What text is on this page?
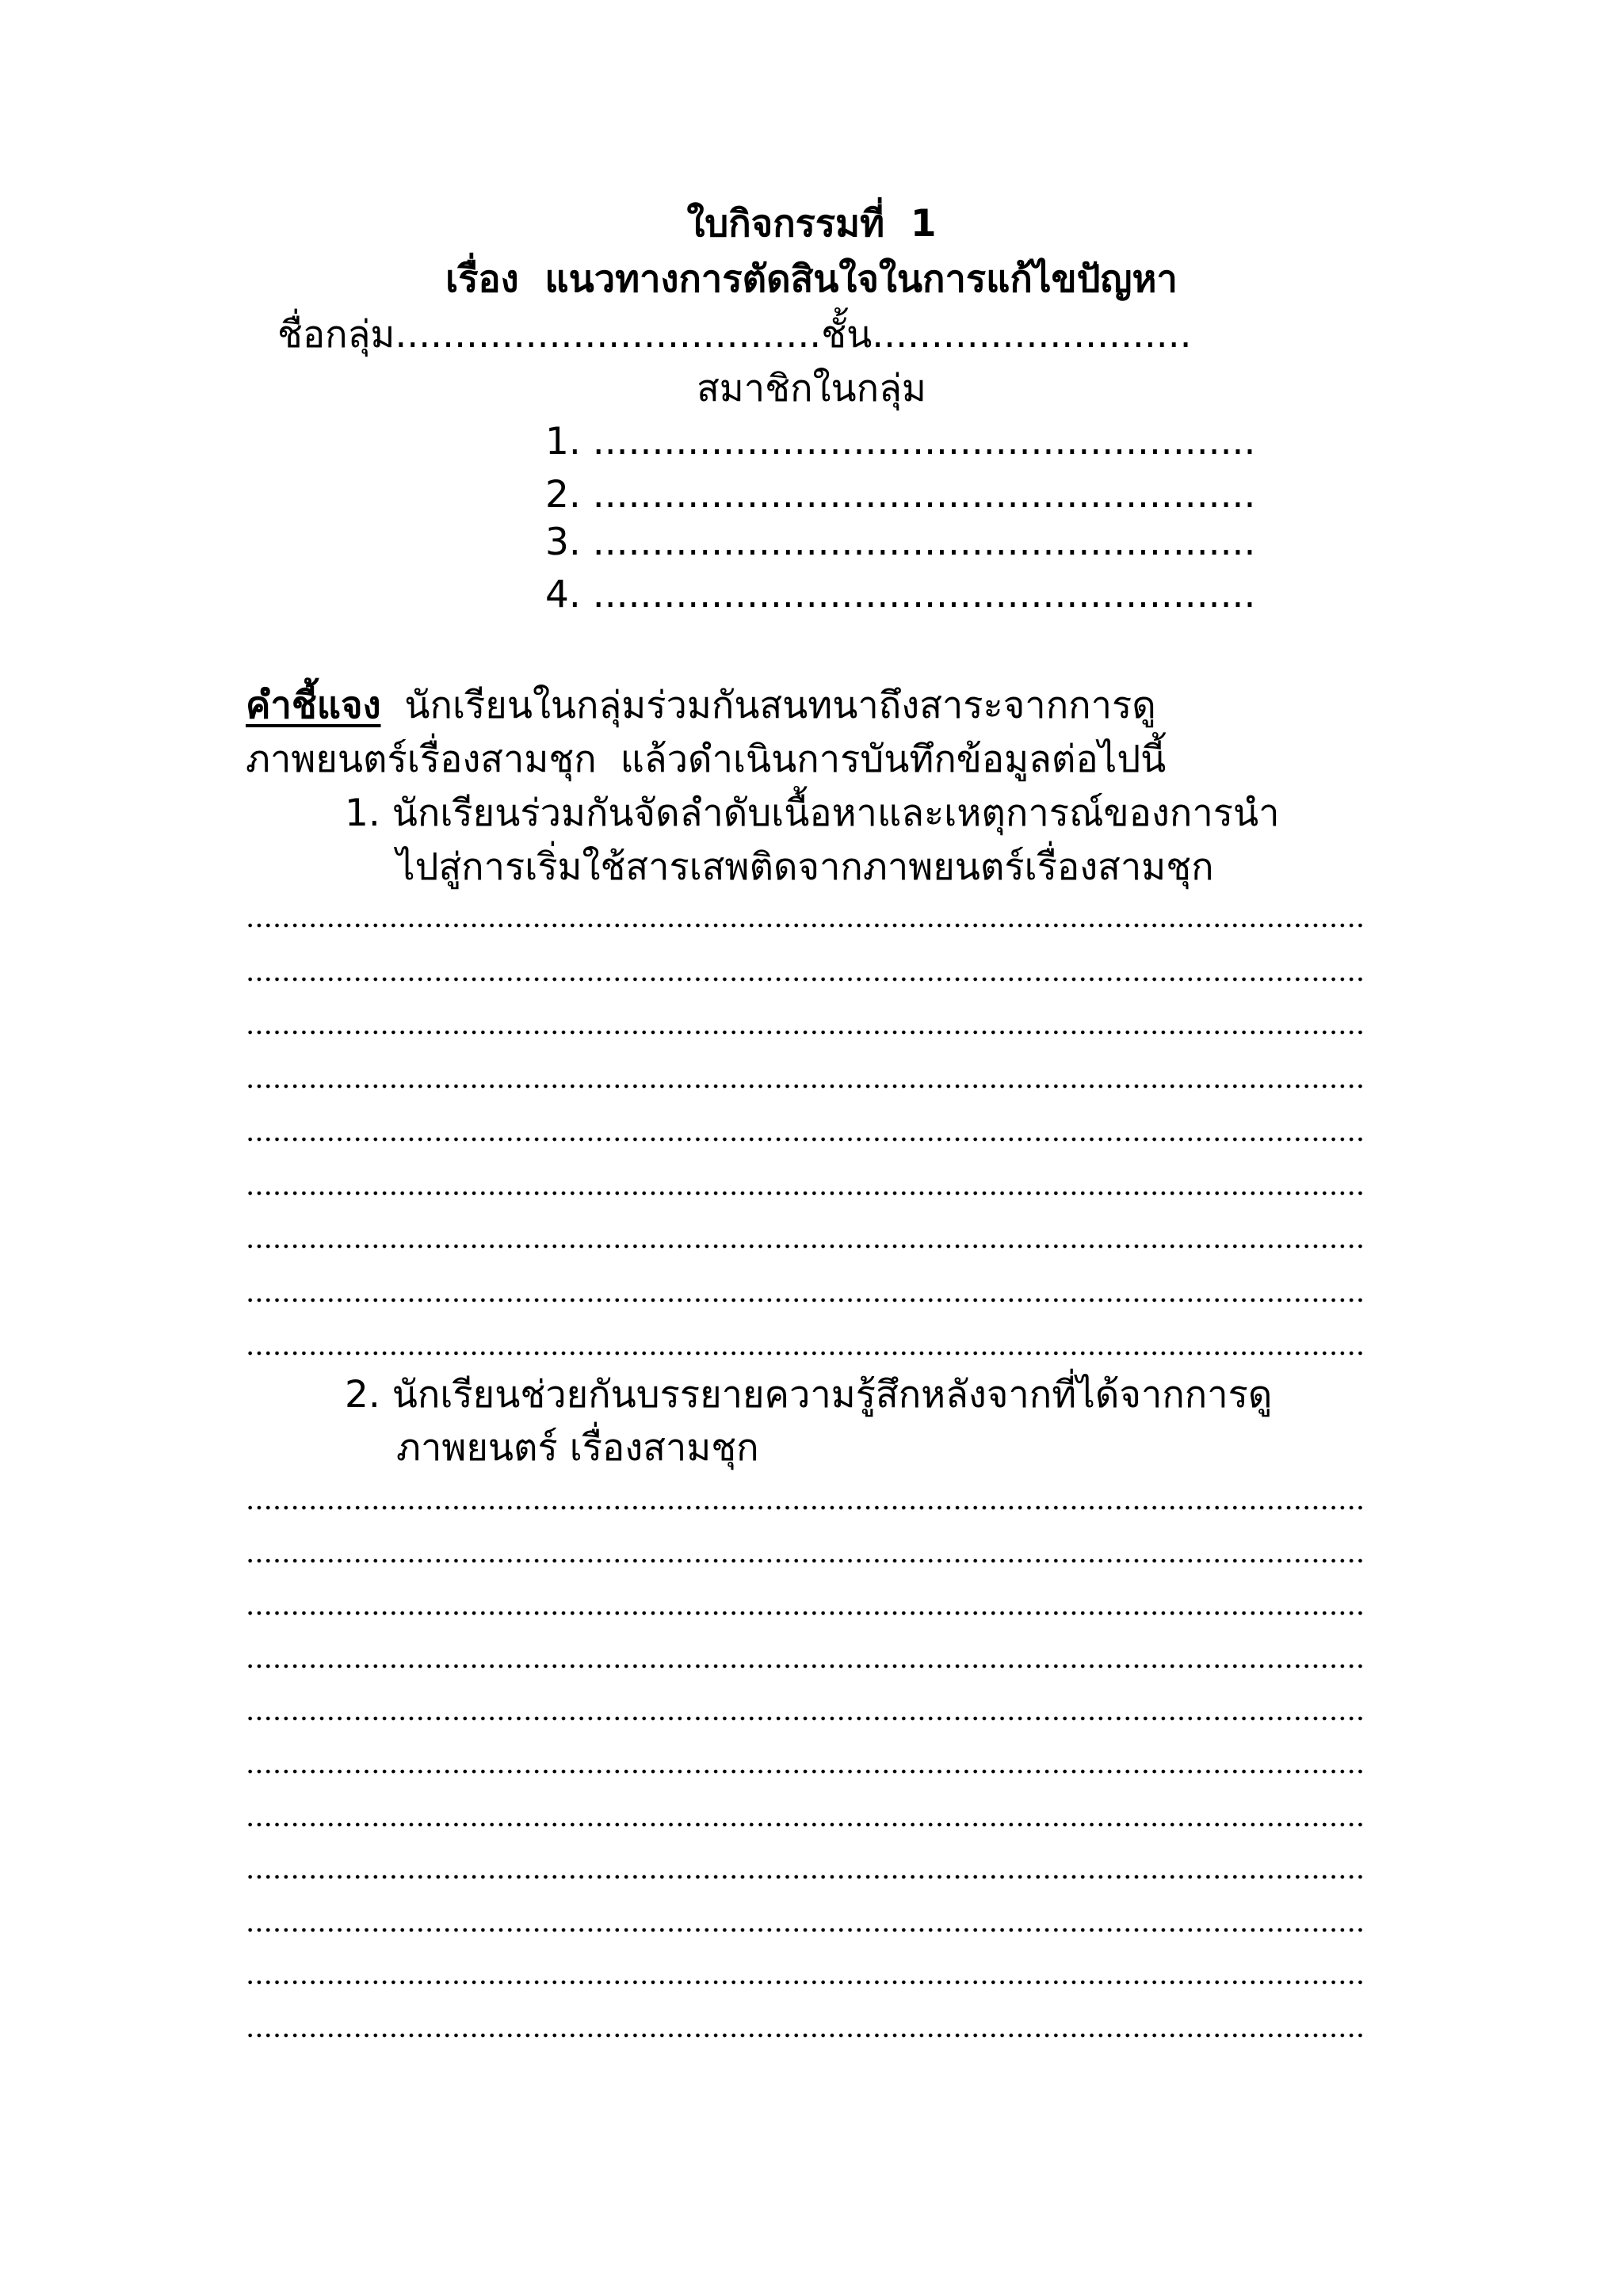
ใบกิจกรรมที่  1
เรื่อง  แนวทางการตัดสินใจในการแก้ไขปัญหา
ชื่อกลุ่ม....................................ชั้น...........................
สมาชิกในกลุ่ม
1. ........................................................
2. ........................................................
3. ........................................................
4. ........................................................
คำชี้แจง  นักเรียนในกลุ่มร่วมกันสนทนาถึงสาระจากการดู
ภาพยนตร์เรื่องสามชุก  แล้วดำเนินการบันทึกข้อมูลต่อไปนี้
1. นักเรียนร่วมกันจัดลำดับเนื้อหาและเหตุการณ์ของการนำ
ไปสู่การเริ่มใช้สารเสพติดจากภาพยนตร์เรื่องสามชุก
2. นักเรียนช่วยกันบรรยายความรู้สึกหลังจากที่ได้จากการดู
ภาพยนตร์ เรื่องสามชุก
